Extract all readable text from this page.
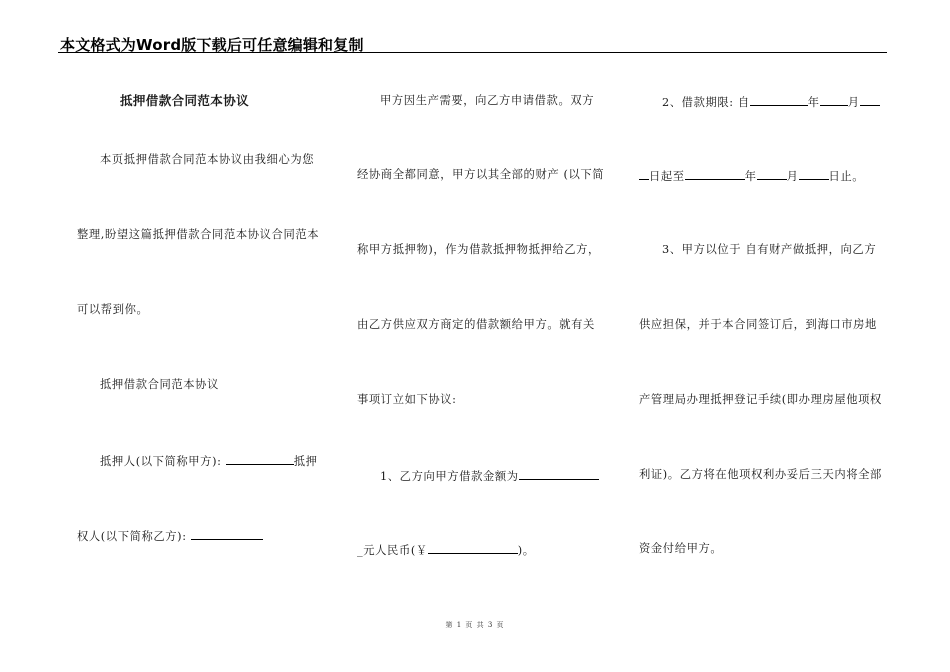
本文格式为Word版下载后可任意编辑和复制
抵押借款合同范本协议
本页抵押借款合同范本协议由我细心为您
整理,盼望这篇抵押借款合同范本协议合同范本
可以帮到你。
抵押借款合同范本协议
抵押人(以下简称甲方):	抵押
权人(以下简称乙方):
甲方因生产需要，向乙方申请借款。双方
经协商全都同意，甲方以其全部的财产 (以下简
称甲方抵押物)，作为借款抵押物抵押给乙方，
由乙方供应双方商定的借款额给甲方。就有关
事项订立如下协议:
1、乙方向甲方借款金额为
_元人民币(￥	)。
2、借款期限: 自	年 月
日起至	年	月	日止。
3、甲方以位于 自有财产做抵押，向乙方
供应担保，并于本合同签订后，到海口市房地
产管理局办理抵押登记手续(即办理房屋他项权
利证)。乙方将在他项权利办妥后三天内将全部
资金付给甲方。
第 1 页 共 3 页
